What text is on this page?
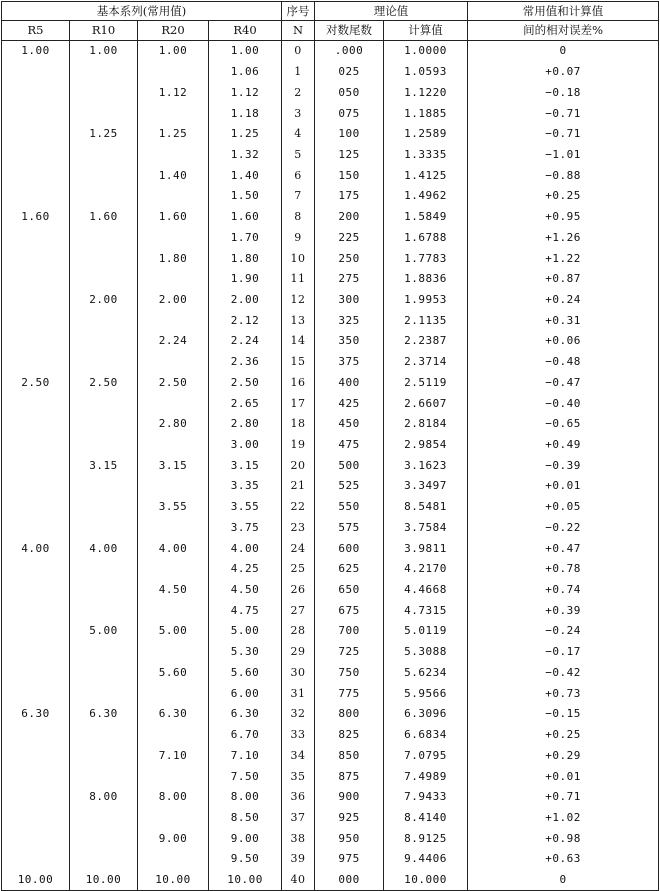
基本系列(常用值)				序号	理论值		常用值和计算值
R5	R10	R20	R40	N	对数尾数	计算值	间的相对误差%
1.00	1.00	1.00	1.00	0	.000	1.0000	0
			1.06	1	025	1.0593	+0.07
		1.12	1.12	2	050	1.1220	−0.18
			1.18	3	075	1.1885	−0.71
	1.25	1.25	1.25	4	100	1.2589	−0.71
			1.32	5	125	1.3335	−1.01
		1.40	1.40	6	150	1.4125	−0.88
			1.50	7	175	1.4962	+0.25
1.60	1.60	1.60	1.60	8	200	1.5849	+0.95
			1.70	9	225	1.6788	+1.26
		1.80	1.80	10	250	1.7783	+1.22
			1.90	11	275	1.8836	+0.87
	2.00	2.00	2.00	12	300	1.9953	+0.24
			2.12	13	325	2.1135	+0.31
		2.24	2.24	14	350	2.2387	+0.06
			2.36	15	375	2.3714	−0.48
2.50	2.50	2.50	2.50	16	400	2.5119	−0.47
			2.65	17	425	2.6607	−0.40
		2.80	2.80	18	450	2.8184	−0.65
			3.00	19	475	2.9854	+0.49
	3.15	3.15	3.15	20	500	3.1623	−0.39
			3.35	21	525	3.3497	+0.01
		3.55	3.55	22	550	8.5481	+0.05
			3.75	23	575	3.7584	−0.22
4.00	4.00	4.00	4.00	24	600	3.9811	+0.47
			4.25	25	625	4.2170	+0.78
		4.50	4.50	26	650	4.4668	+0.74
			4.75	27	675	4.7315	+0.39
	5.00	5.00	5.00	28	700	5.0119	−0.24
			5.30	29	725	5.3088	−0.17
		5.60	5.60	30	750	5.6234	−0.42
			6.00	31	775	5.9566	+0.73
6.30	6.30	6.30	6.30	32	800	6.3096	−0.15
			6.70	33	825	6.6834	+0.25
		7.10	7.10	34	850	7.0795	+0.29
			7.50	35	875	7.4989	+0.01
	8.00	8.00	8.00	36	900	7.9433	+0.71
			8.50	37	925	8.4140	+1.02
		9.00	9.00	38	950	8.9125	+0.98
			9.50	39	975	9.4406	+0.63
10.00	10.00	10.00	10.00	40	000	10.000	0
